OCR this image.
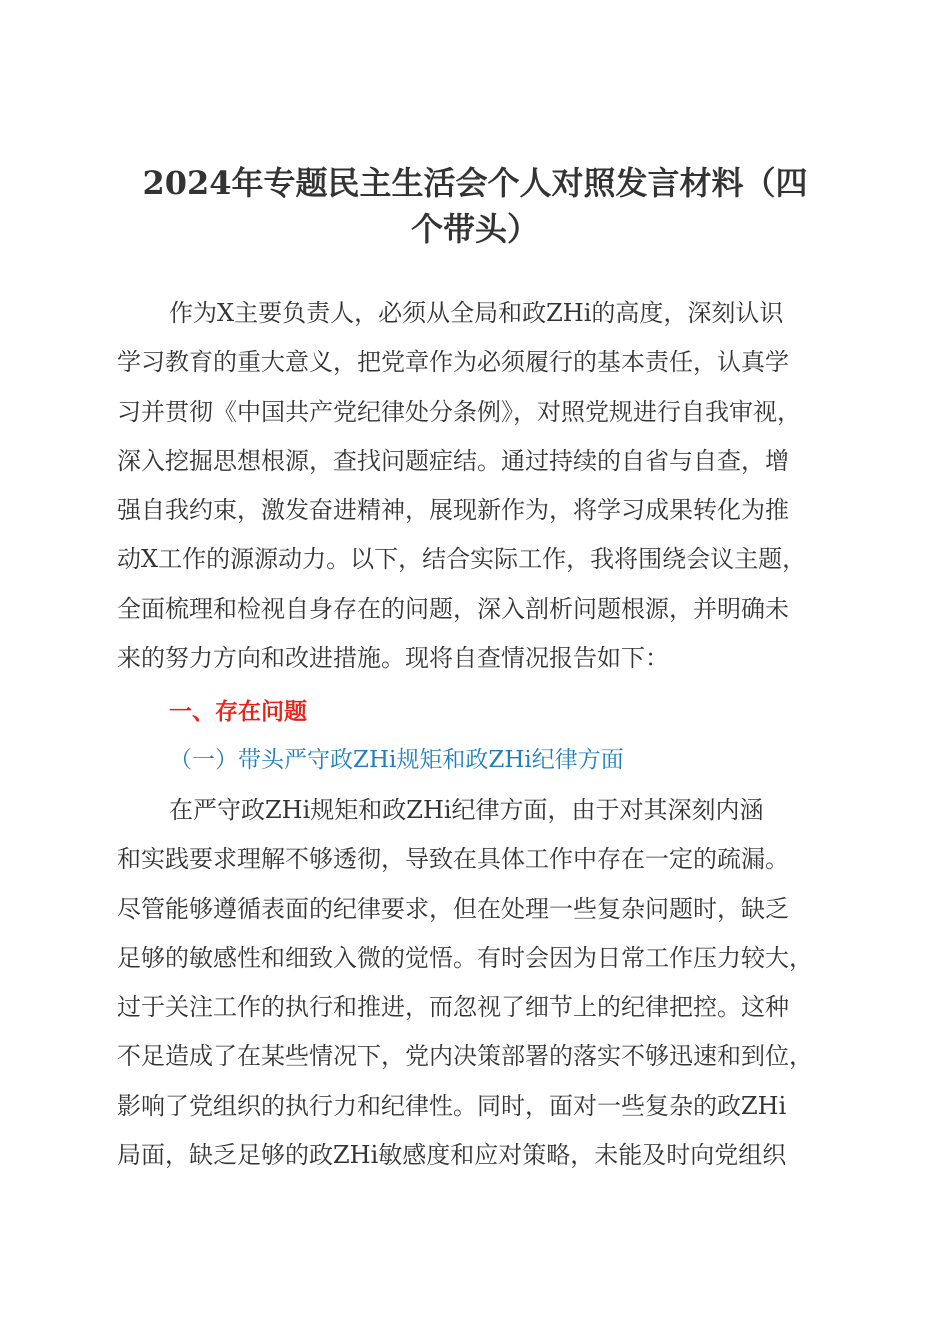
2024年专题民主生活会个人对照发言材料（四
个带头）
作为X主要负责人，必须从全局和政ZHi的高度，深刻认识
学习教育的重大意义，把党章作为必须履行的基本责任，认真学
习并贯彻《中国共产党纪律处分条例》，对照党规进行自我审视，
深入挖掘思想根源，查找问题症结。通过持续的自省与自查，增
强自我约束，激发奋进精神，展现新作为，将学习成果转化为推
动X工作的源源动力。以下，结合实际工作，我将围绕会议主题，
全面梳理和检视自身存在的问题，深入剖析问题根源，并明确未
来的努力方向和改进措施。现将自查情况报告如下：
一、存在问题
（一）带头严守政ZHi规矩和政ZHi纪律方面
在严守政ZHi规矩和政ZHi纪律方面，由于对其深刻内涵
和实践要求理解不够透彻，导致在具体工作中存在一定的疏漏。
尽管能够遵循表面的纪律要求，但在处理一些复杂问题时，缺乏
足够的敏感性和细致入微的觉悟。有时会因为日常工作压力较大，
过于关注工作的执行和推进，而忽视了细节上的纪律把控。这种
不足造成了在某些情况下，党内决策部署的落实不够迅速和到位，
影响了党组织的执行力和纪律性。同时，面对一些复杂的政ZHi
局面，缺乏足够的政ZHi敏感度和应对策略，未能及时向党组织
